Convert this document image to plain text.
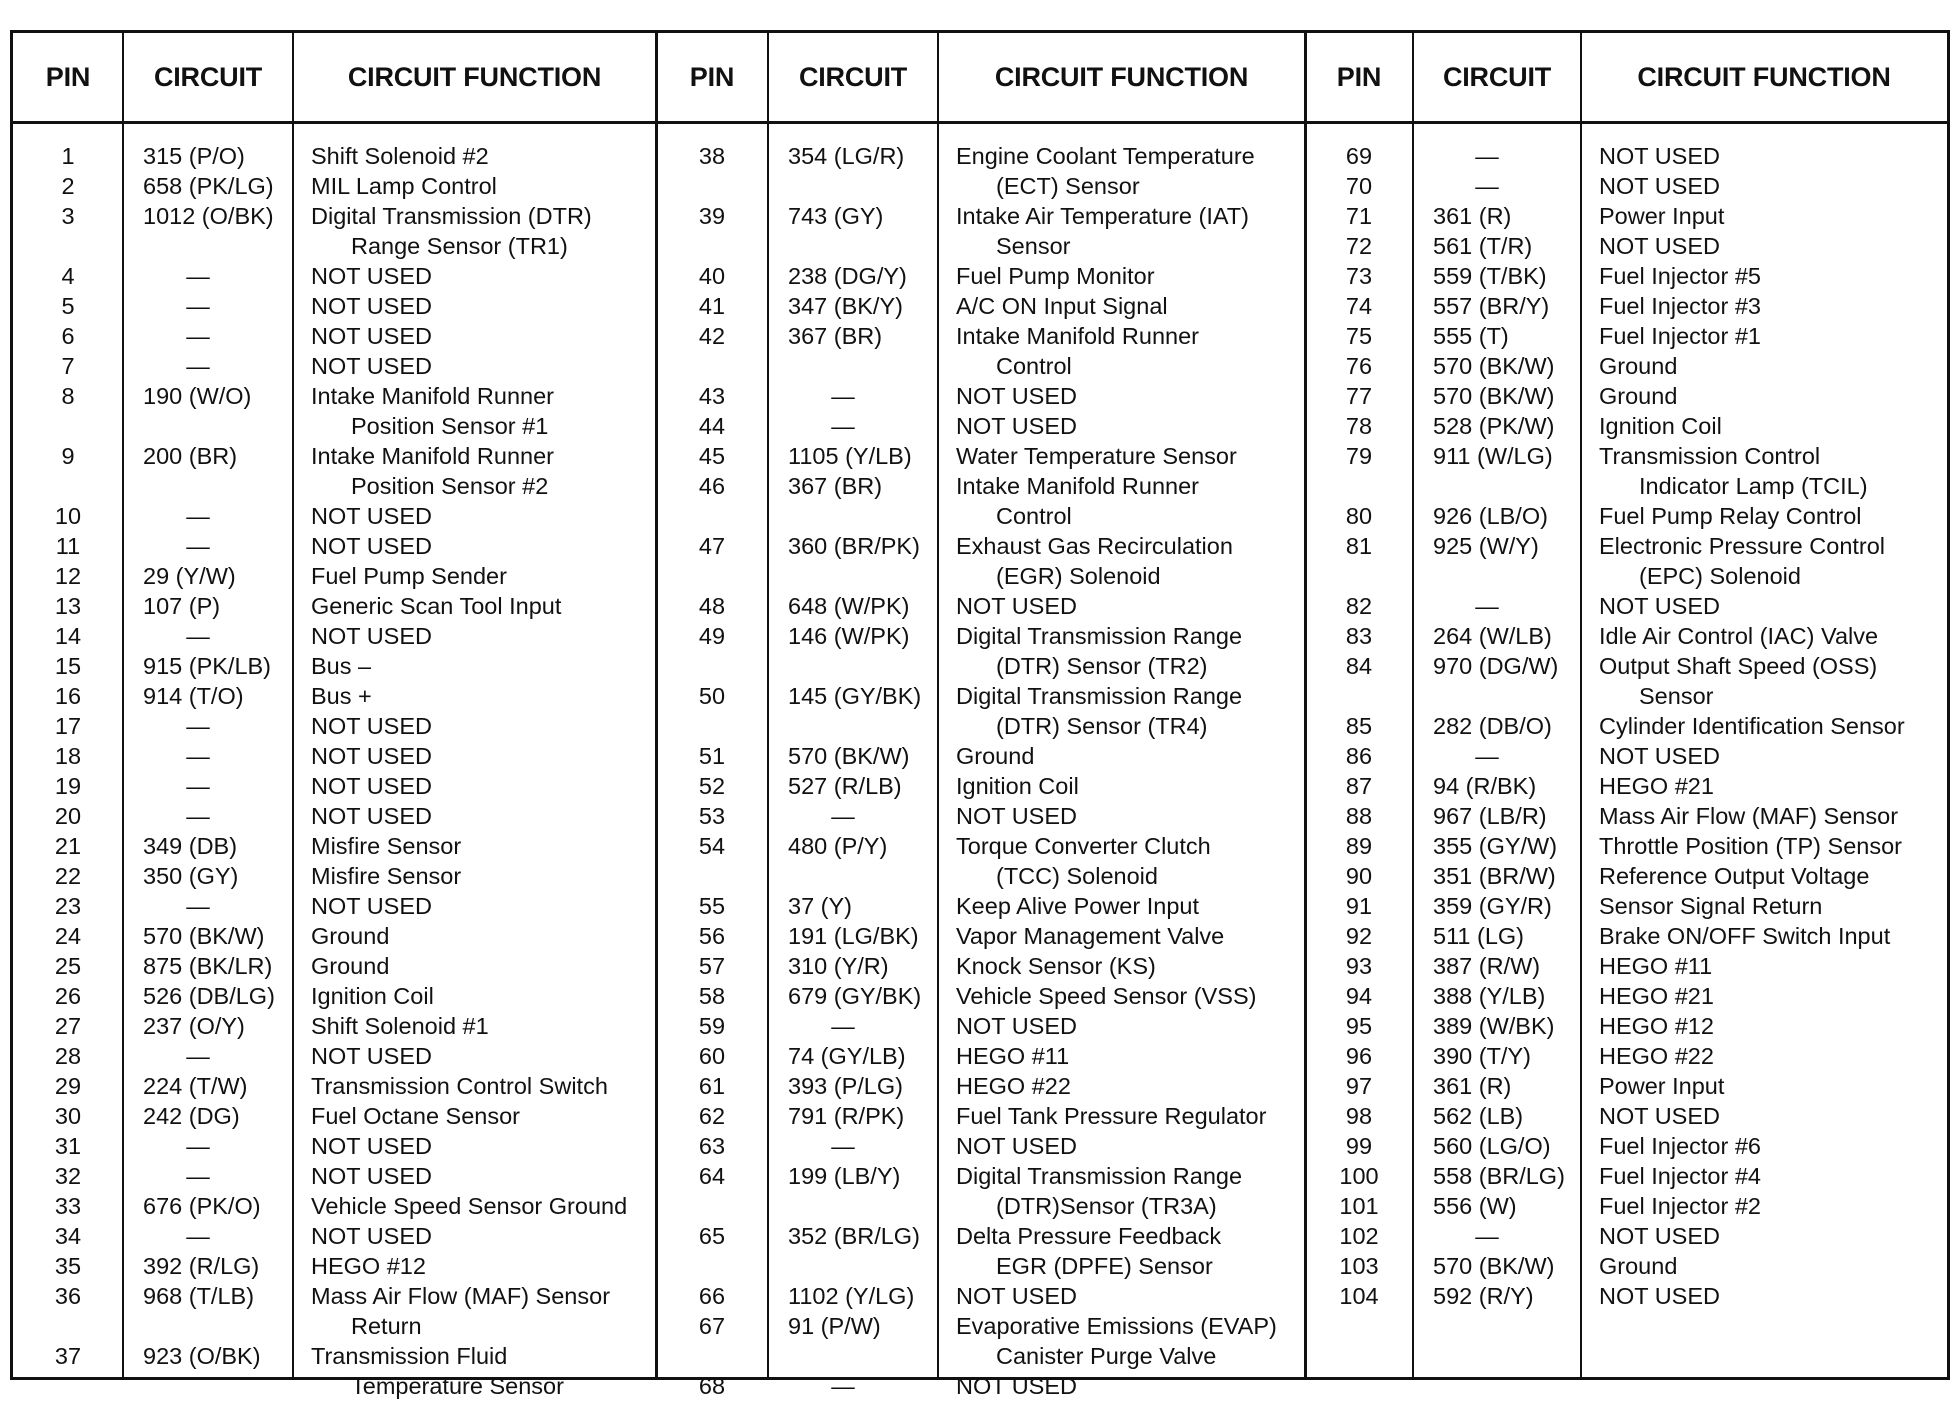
PIN	CIRCUIT	CIRCUIT FUNCTION
1	315 (P/O)	Shift Solenoid #2
2	658 (PK/LG) MIL Lamp Control
3	1012 (O/BK) Digital Transmission (DTR)
Range Sensor (TR1)
4	—	NOT USED
5	—	NOT USED
6	—	NOT USED
7	—	NOT USED
8	190 (W/O)	Intake Manifold Runner
Position Sensor #1
9	200 (BR)	Intake Manifold Runner
Position Sensor #2
10	—	NOT USED
11	—	NOT USED
12	29 (Y/W)	Fuel Pump Sender
13	107 (P)	Generic Scan Tool Input
14	—	NOT USED
15	915 (PK/LB) Bus –
16	914 (T/O)	Bus +
17	—	NOT USED
18	—	NOT USED
19	—	NOT USED
20	—	NOT USED
21	349 (DB)	Misfire Sensor
22	350 (GY)	Misfire Sensor
23	—	NOT USED
24	570 (BK/W) Ground
25	875 (BK/LR) Ground
26	526 (DB/LG) Ignition Coil
27	237 (O/Y)	Shift Solenoid #1
28	—	NOT USED
29	224 (T/W)	Transmission Control Switch
30	242 (DG)	Fuel Octane Sensor
31	—	NOT USED
32	—	NOT USED
33	676 (PK/O) Vehicle Speed Sensor Ground
34	—	NOT USED
35	392 (R/LG) HEGO #12
36	968 (T/LB) Mass Air Flow (MAF) Sensor
Return
37	923 (O/BK) Transmission Fluid
Temperature Sensor
PIN	CIRCUIT	CIRCUIT FUNCTION
38	354 (LG/R) Engine Coolant Temperature
(ECT) Sensor
39	743 (GY)	Intake Air Temperature (IAT)
Sensor
40	238 (DG/Y) Fuel Pump Monitor
41	347 (BK/Y) A/C ON Input Signal
42	367 (BR)	Intake Manifold Runner
Control
43	—	NOT USED
44	—	NOT USED
45	1105 (Y/LB) Water Temperature Sensor
46	367 (BR)	Intake Manifold Runner
Control
47	360 (BR/PK) Exhaust Gas Recirculation
(EGR) Solenoid
48	648 (W/PK) NOT USED
49	146 (W/PK) Digital Transmission Range
(DTR) Sensor (TR2)
50	145 (GY/BK) Digital Transmission Range
(DTR) Sensor (TR4)
51	570 (BK/W) Ground
52	527 (R/LB) Ignition Coil
53	—	NOT USED
54	480 (P/Y)	Torque Converter Clutch
(TCC) Solenoid
55	37 (Y)	Keep Alive Power Input
56	191 (LG/BK) Vapor Management Valve
57	310 (Y/R)	Knock Sensor (KS)
58	679 (GY/BK) Vehicle Speed Sensor (VSS)
59	—	NOT USED
60	74 (GY/LB) HEGO #11
61	393 (P/LG) HEGO #22
62	791 (R/PK) Fuel Tank Pressure Regulator
63	—	NOT USED
64	199 (LB/Y) Digital Transmission Range
(DTR)Sensor (TR3A)
65	352 (BR/LG) Delta Pressure Feedback
EGR (DPFE) Sensor
66	1102 (Y/LG) NOT USED
67	91 (P/W)	Evaporative Emissions (EVAP)
Canister Purge Valve
68	—	NOT USED
PIN	CIRCUIT	CIRCUIT FUNCTION
69	—	NOT USED
70	—	NOT USED
71	361 (R)	Power Input
72	561 (T/R)	NOT USED
73	559 (T/BK) Fuel Injector #5
74	557 (BR/Y) Fuel Injector #3
75	555 (T)	Fuel Injector #1
76	570 (BK/W) Ground
77	570 (BK/W) Ground
78	528 (PK/W) Ignition Coil
79	911 (W/LG) Transmission Control
Indicator Lamp (TCIL)
80	926 (LB/O) Fuel Pump Relay Control
81	925 (W/Y)	Electronic Pressure Control
(EPC) Solenoid
82	—	NOT USED
83	264 (W/LB) Idle Air Control (IAC) Valve
84	970 (DG/W) Output Shaft Speed (OSS)
Sensor
85	282 (DB/O) Cylinder Identification Sensor
86	—	NOT USED
87	94 (R/BK)	HEGO #21
88	967 (LB/R) Mass Air Flow (MAF) Sensor
89	355 (GY/W) Throttle Position (TP) Sensor
90	351 (BR/W) Reference Output Voltage
91	359 (GY/R) Sensor Signal Return
92	511 (LG)	Brake ON/OFF Switch Input
93	387 (R/W)	HEGO #11
94	388 (Y/LB) HEGO #21
95	389 (W/BK) HEGO #12
96	390 (T/Y)	HEGO #22
97	361 (R)	Power Input
98	562 (LB)	NOT USED
99	560 (LG/O) Fuel Injector #6
100	558 (BR/LG) Fuel Injector #4
101	556 (W)	Fuel Injector #2
102	—	NOT USED
103	570 (BK/W) Ground
104	592 (R/Y)	NOT USED
